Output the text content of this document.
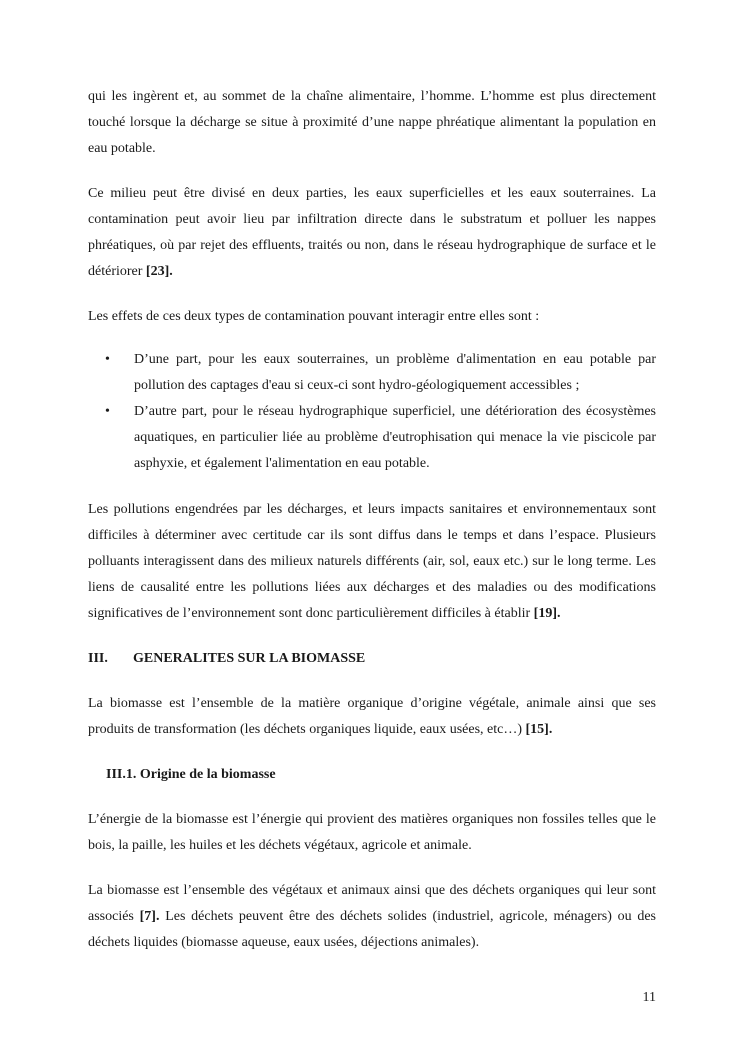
qui les ingèrent et, au sommet de la chaîne alimentaire, l’homme. L’homme est plus directement touché lorsque la décharge se situe à proximité d’une nappe phréatique alimentant la population en eau potable.

Ce milieu peut être divisé en deux parties, les eaux superficielles et les eaux souterraines. La contamination peut avoir lieu par infiltration directe dans le substratum et polluer les nappes phréatiques, où par rejet des effluents, traités ou non, dans le réseau hydrographique de surface et le détériorer [23].

Les effets de ces deux types de contamination pouvant interagir entre elles sont :

• D’une part, pour les eaux souterraines, un problème d'alimentation en eau potable par pollution des captages d'eau si ceux-ci sont hydro-géologiquement accessibles ;
• D’autre part, pour le réseau hydrographique superficiel, une détérioration des écosystèmes aquatiques, en particulier liée au problème d'eutrophisation qui menace la vie piscicole par asphyxie, et également l'alimentation en eau potable.

Les pollutions engendrées par les décharges, et leurs impacts sanitaires et environnementaux sont difficiles à déterminer avec certitude car ils sont diffus dans le temps et dans l’espace. Plusieurs polluants interagissent dans des milieux naturels différents (air, sol, eaux etc.) sur le long terme. Les liens de causalité entre les pollutions liées aux décharges et des maladies ou des modifications significatives de l’environnement sont donc particulièrement difficiles à établir [19].

III. GENERALITES SUR LA BIOMASSE

La biomasse est l’ensemble de la matière organique d’origine végétale, animale ainsi que ses produits de transformation (les déchets organiques liquide, eaux usées, etc…) [15].

III.1. Origine de la biomasse

L’énergie de la biomasse est l’énergie qui provient des matières organiques non fossiles telles que le bois, la paille, les huiles et les déchets végétaux, agricole et animale.

La biomasse est l’ensemble des végétaux et animaux ainsi que des déchets organiques qui leur sont associés [7]. Les déchets peuvent être des déchets solides (industriel, agricole, ménagers) ou des déchets liquides (biomasse aqueuse, eaux usées, déjections animales).

11
